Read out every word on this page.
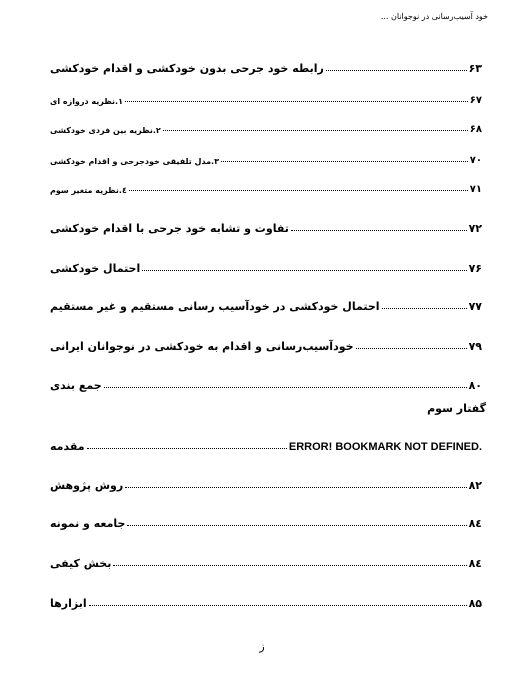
خود آسیب‌رسانی در نوجوانان ...
رابطه خود جرحی بدون خودکشی و اقدام خودکشی	۶۳
۱.نظریه دروازه ای	۶۷
۲.نظریه بین فردی خودکشی	۶۸
۳.مدل تلفیقی خودجرحی و اقدام خودکشی	۷۰
٤.نظریه متغیر سوم	۷۱
تفاوت و تشابه خود جرحی با اقدام خودکشی	۷۲
احتمال خودکشی	۷۶
احتمال خودکشی در خودآسیب رسانی مستقیم و غیر مستقیم	۷۷
خودآسیب‌رسانی و اقدام به خودکشی در نوجوانان ایرانی	۷۹
جمع بندی	۸۰
گفتار سوم
مقدمه	ERROR! BOOKMARK NOT DEFINED.
روش پژوهش	۸۲
جامعه و نمونه	۸٤
بخش کیفی	۸٤
ابزارها	۸۵
ز
